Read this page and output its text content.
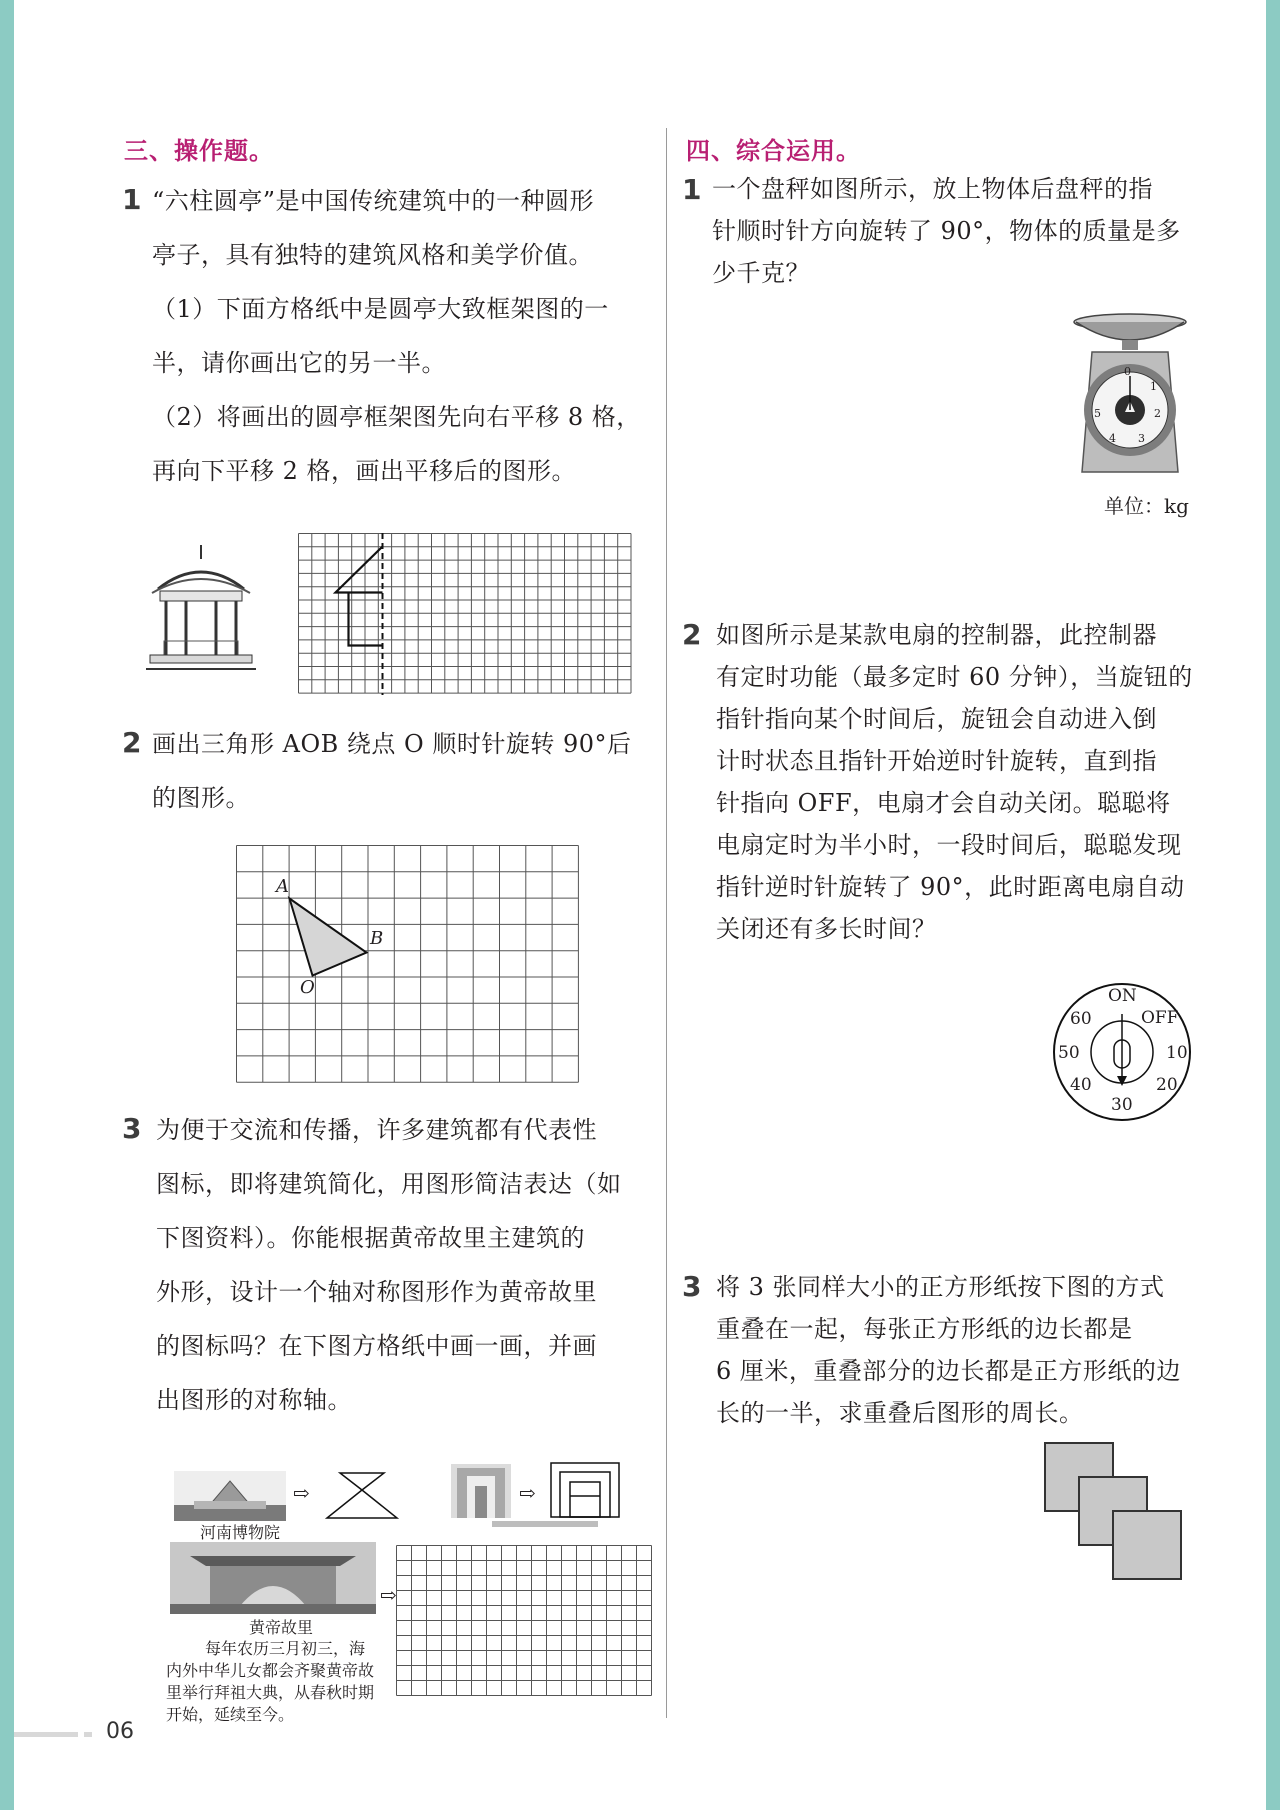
三、操作题。
1 “六柱圆亭”是中国传统建筑中的一种圆形
亭子，具有独特的建筑风格和美学价值。
（1）下面方格纸中是圆亭大致框架图的一
半，请你画出它的另一半。
（2）将画出的圆亭框架图先向右平移 8 格，
再向下平移 2 格，画出平移后的图形。
2 画出三角形 AOB 绕点 O 顺时针旋转 90°后
的图形。
A
B
O
3 为便于交流和传播，许多建筑都有代表性
图标，即将建筑简化，用图形简洁表达（如
下图资料）。你能根据黄帝故里主建筑的
外形，设计一个轴对称图形作为黄帝故里
的图标吗？在下图方格纸中画一画，并画
出图形的对称轴。
⇨
河南博物院
⇨
⇨
黄帝故里
每年农历三月初三，海
内外中华儿女都会齐聚黄帝故
里举行拜祖大典，从春秋时期
开始，延续至今。
四、综合运用。
1 一个盘秤如图所示，放上物体后盘秤的指
针顺时针方向旋转了 90°，物体的质量是多
少千克？
0
1
2
3
4
5
单位：kg
2 如图所示是某款电扇的控制器，此控制器
有定时功能（最多定时 60 分钟），当旋钮的
指针指向某个时间后，旋钮会自动进入倒
计时状态且指针开始逆时针旋转，直到指
针指向 OFF，电扇才会自动关闭。聪聪将
电扇定时为半小时，一段时间后，聪聪发现
指针逆时针旋转了 90°，此时距离电扇自动
关闭还有多长时间？
ON
OFF
60
50
40
30
20
10
3 将 3 张同样大小的正方形纸按下图的方式
重叠在一起，每张正方形纸的边长都是
6 厘米，重叠部分的边长都是正方形纸的边
长的一半，求重叠后图形的周长。
06
